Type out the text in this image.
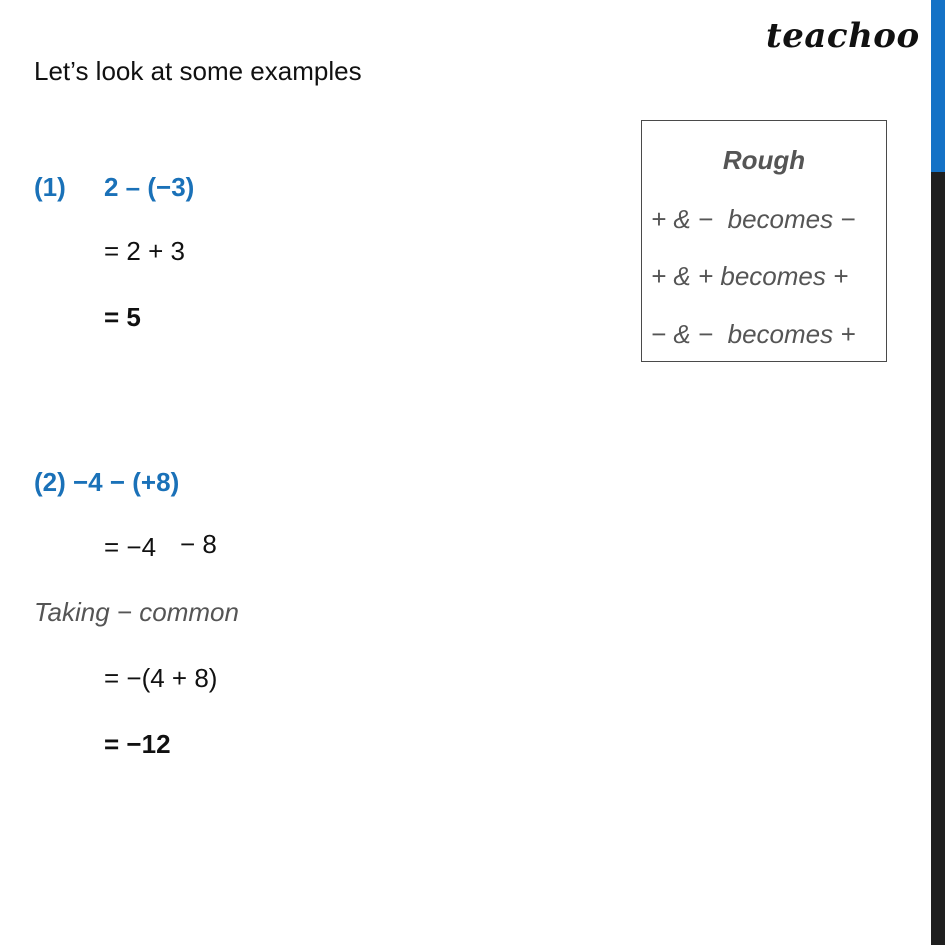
teachoo
Let’s look at some examples
(1) 2 – (−3)
= 2 + 3
= 5
(2) −4 − (+8)
= −4 − 8
Taking − common
= −(4 + 8)
= −12
Rough
+ & −  becomes −
+ & + becomes +
− & −  becomes +
